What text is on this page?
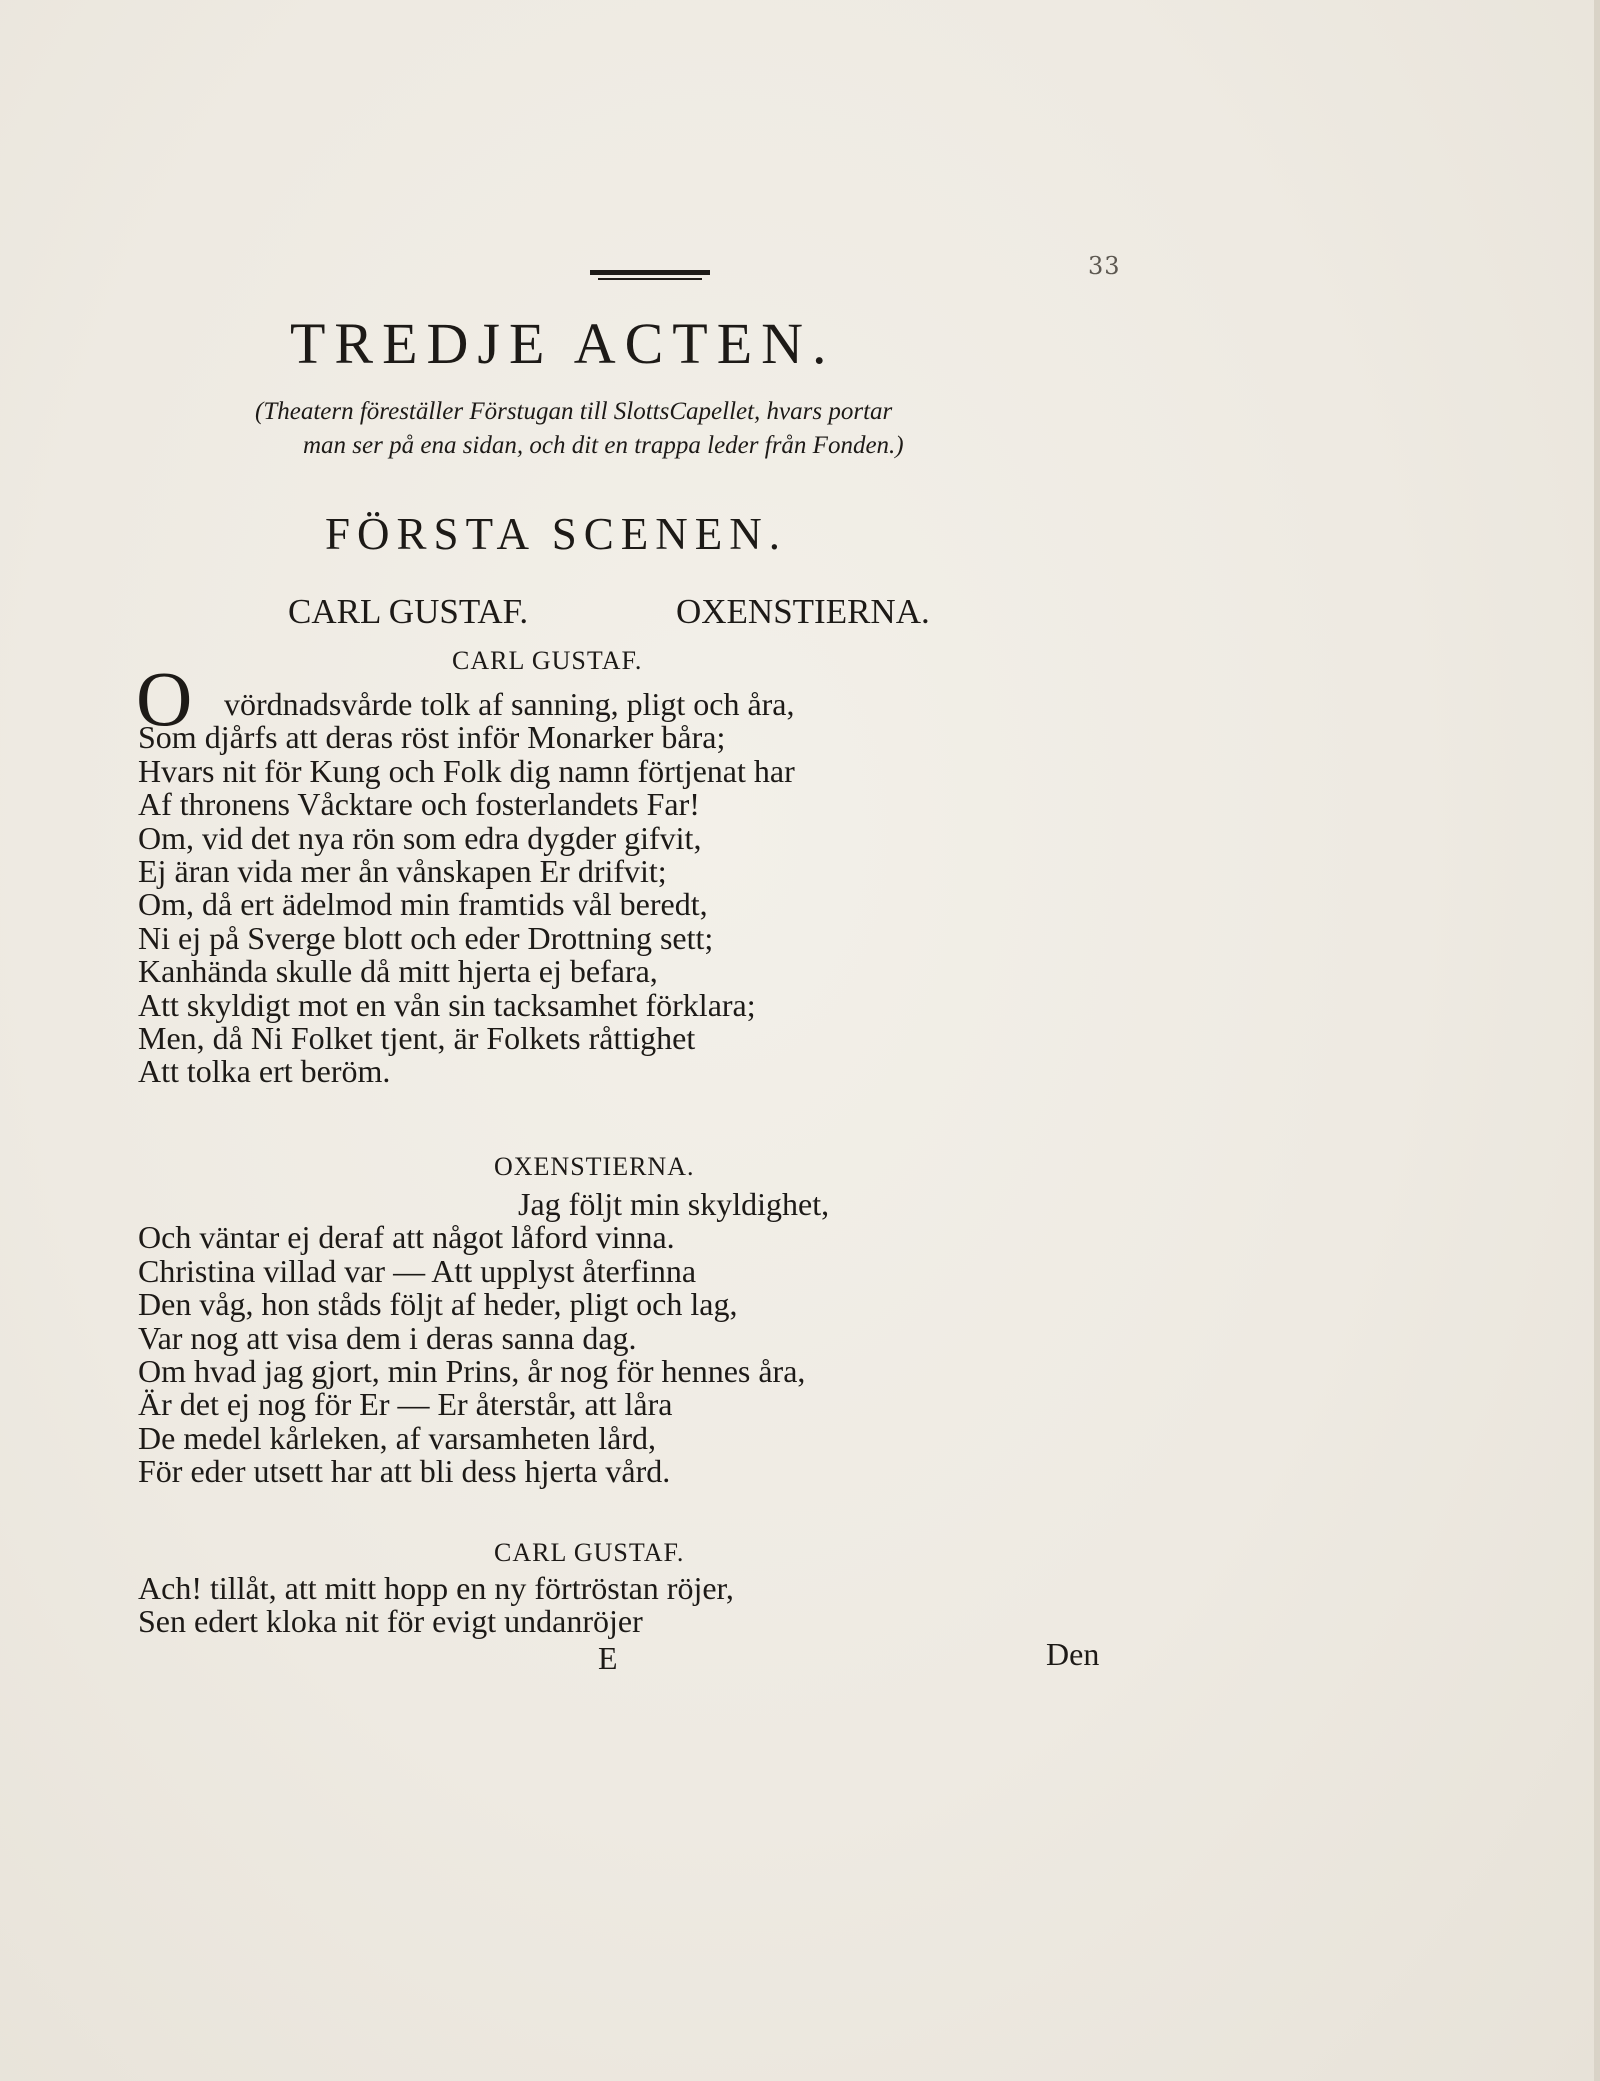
33
TREDJE ACTEN.
(Theatern föreställer Förstugan till SlottsCapellet, hvars portar
man ser på ena sidan, och dit en trappa leder från Fonden.)
FÖRSTA SCENEN.
CARL GUSTAF.	OXENSTIERNA.
CARL GUSTAF.
O vördnadsvårde tolk af sanning, pligt och åra,
Som djårfs att deras röst inför Monarker båra;
Hvars nit för Kung och Folk dig namn förtjenat har
Af thronens Våcktare och fosterlandets Far!
Om, vid det nya rön som edra dygder gifvit,
Ej äran vida mer ån vånskapen Er drifvit;
Om, då ert ädelmod min framtids vål beredt,
Ni ej på Sverge blott och eder Drottning sett;
Kanhända skulle då mitt hjerta ej befara,
Att skyldigt mot en vån sin tacksamhet förklara;
Men, då Ni Folket tjent, är Folkets råttighet
Att tolka ert beröm.
OXENSTIERNA.
Jag följt min skyldighet,
Och väntar ej deraf att något låford vinna.
Christina villad var — Att upplyst återfinna
Den våg, hon ståds följt af heder, pligt och lag,
Var nog att visa dem i deras sanna dag.
Om hvad jag gjort, min Prins, år nog för hennes åra,
Är det ej nog för Er — Er återstår, att låra
De medel kårleken, af varsamheten lård,
För eder utsett har att bli dess hjerta vård.
CARL GUSTAF.
Ach! tillåt, att mitt hopp en ny förtröstan röjer,
Sen edert kloka nit för evigt undanröjer
E	Den
